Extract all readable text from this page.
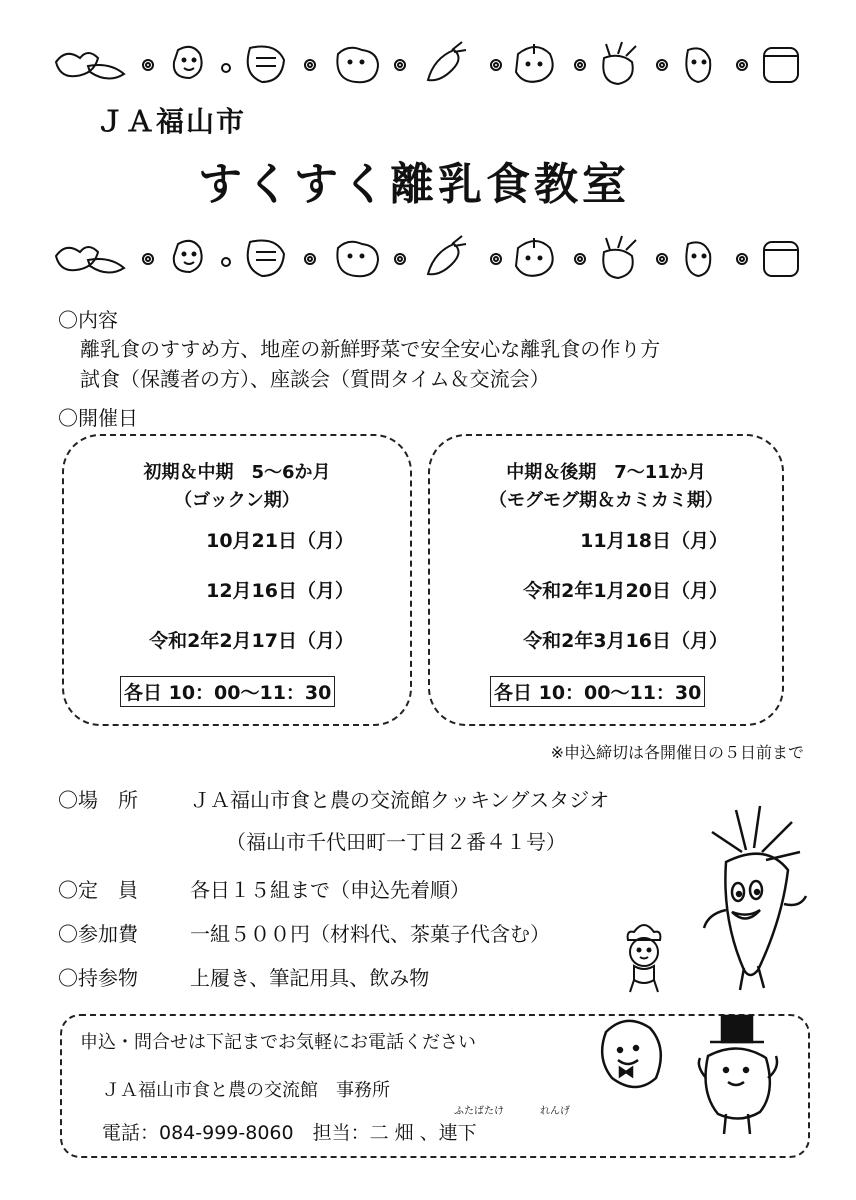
ＪＡ福山市
すくすく離乳食教室
〇内容
離乳食のすすめ方、地産の新鮮野菜で安全安心な離乳食の作り方
試食（保護者の方）、座談会（質問タイム＆交流会）
〇開催日
初期＆中期　5〜6か月
（ゴックン期）
10月21日（月）
12月16日（月）
令和2年2月17日（月）
各日 10：00〜11：30
中期＆後期　7〜11か月
（モグモグ期＆カミカミ期）
11月18日（月）
令和2年1月20日（月）
令和2年3月16日（月）
各日 10：00〜11：30
※申込締切は各開催日の５日前まで
〇場　所	ＪＡ福山市食と農の交流館クッキングスタジオ
（福山市千代田町一丁目２番４１号）
〇定　員	各日１５組まで（申込先着順）
〇参加費	一組５００円（材料代、茶菓子代含む）
〇持参物	上履き、筆記用具、飲み物
申込・問合せは下記までお気軽にお電話ください
ＪＡ福山市食と農の交流館　事務所
ふたばたけ	れんげ
電話：084-999-8060　担当：二 畑 、連下
